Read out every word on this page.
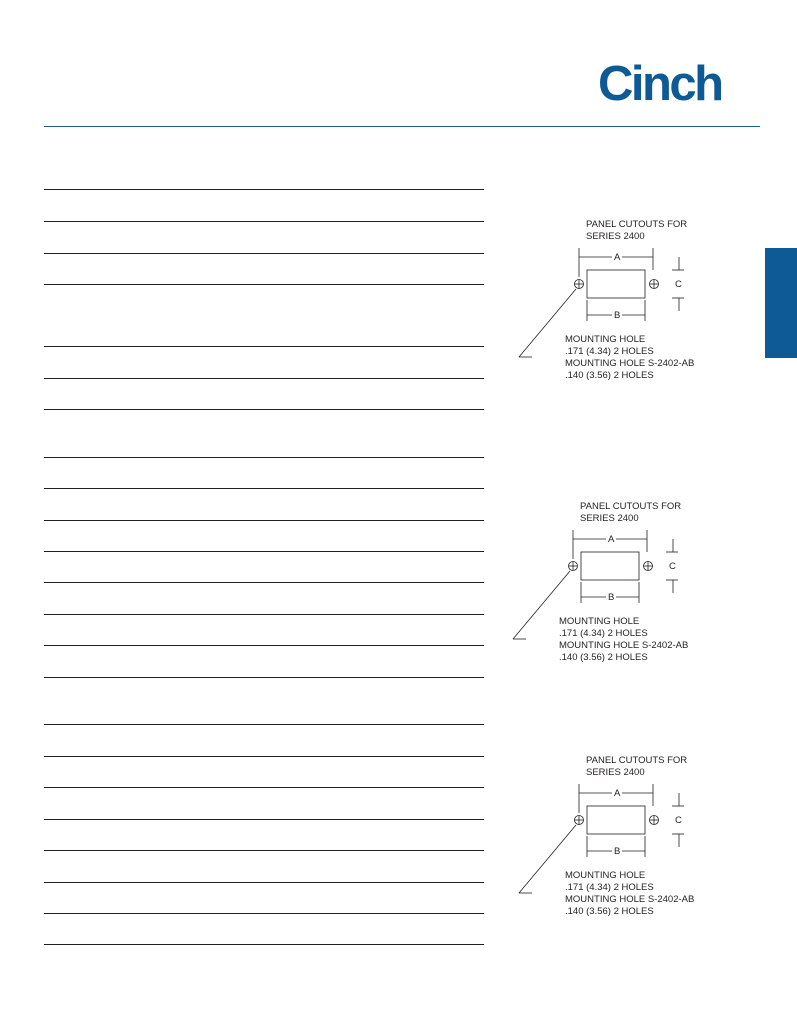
Cinch
PANEL CUTOUTS FOR
SERIES 2400
A
C
B
MOUNTING HOLE
.171 (4.34) 2 HOLES
MOUNTING HOLE S-2402-AB
.140 (3.56) 2 HOLES
PANEL CUTOUTS FOR
SERIES 2400
A
C
B
MOUNTING HOLE
.171 (4.34) 2 HOLES
MOUNTING HOLE S-2402-AB
.140 (3.56) 2 HOLES
PANEL CUTOUTS FOR
SERIES 2400
A
C
B
MOUNTING HOLE
.171 (4.34) 2 HOLES
MOUNTING HOLE S-2402-AB
.140 (3.56) 2 HOLES
